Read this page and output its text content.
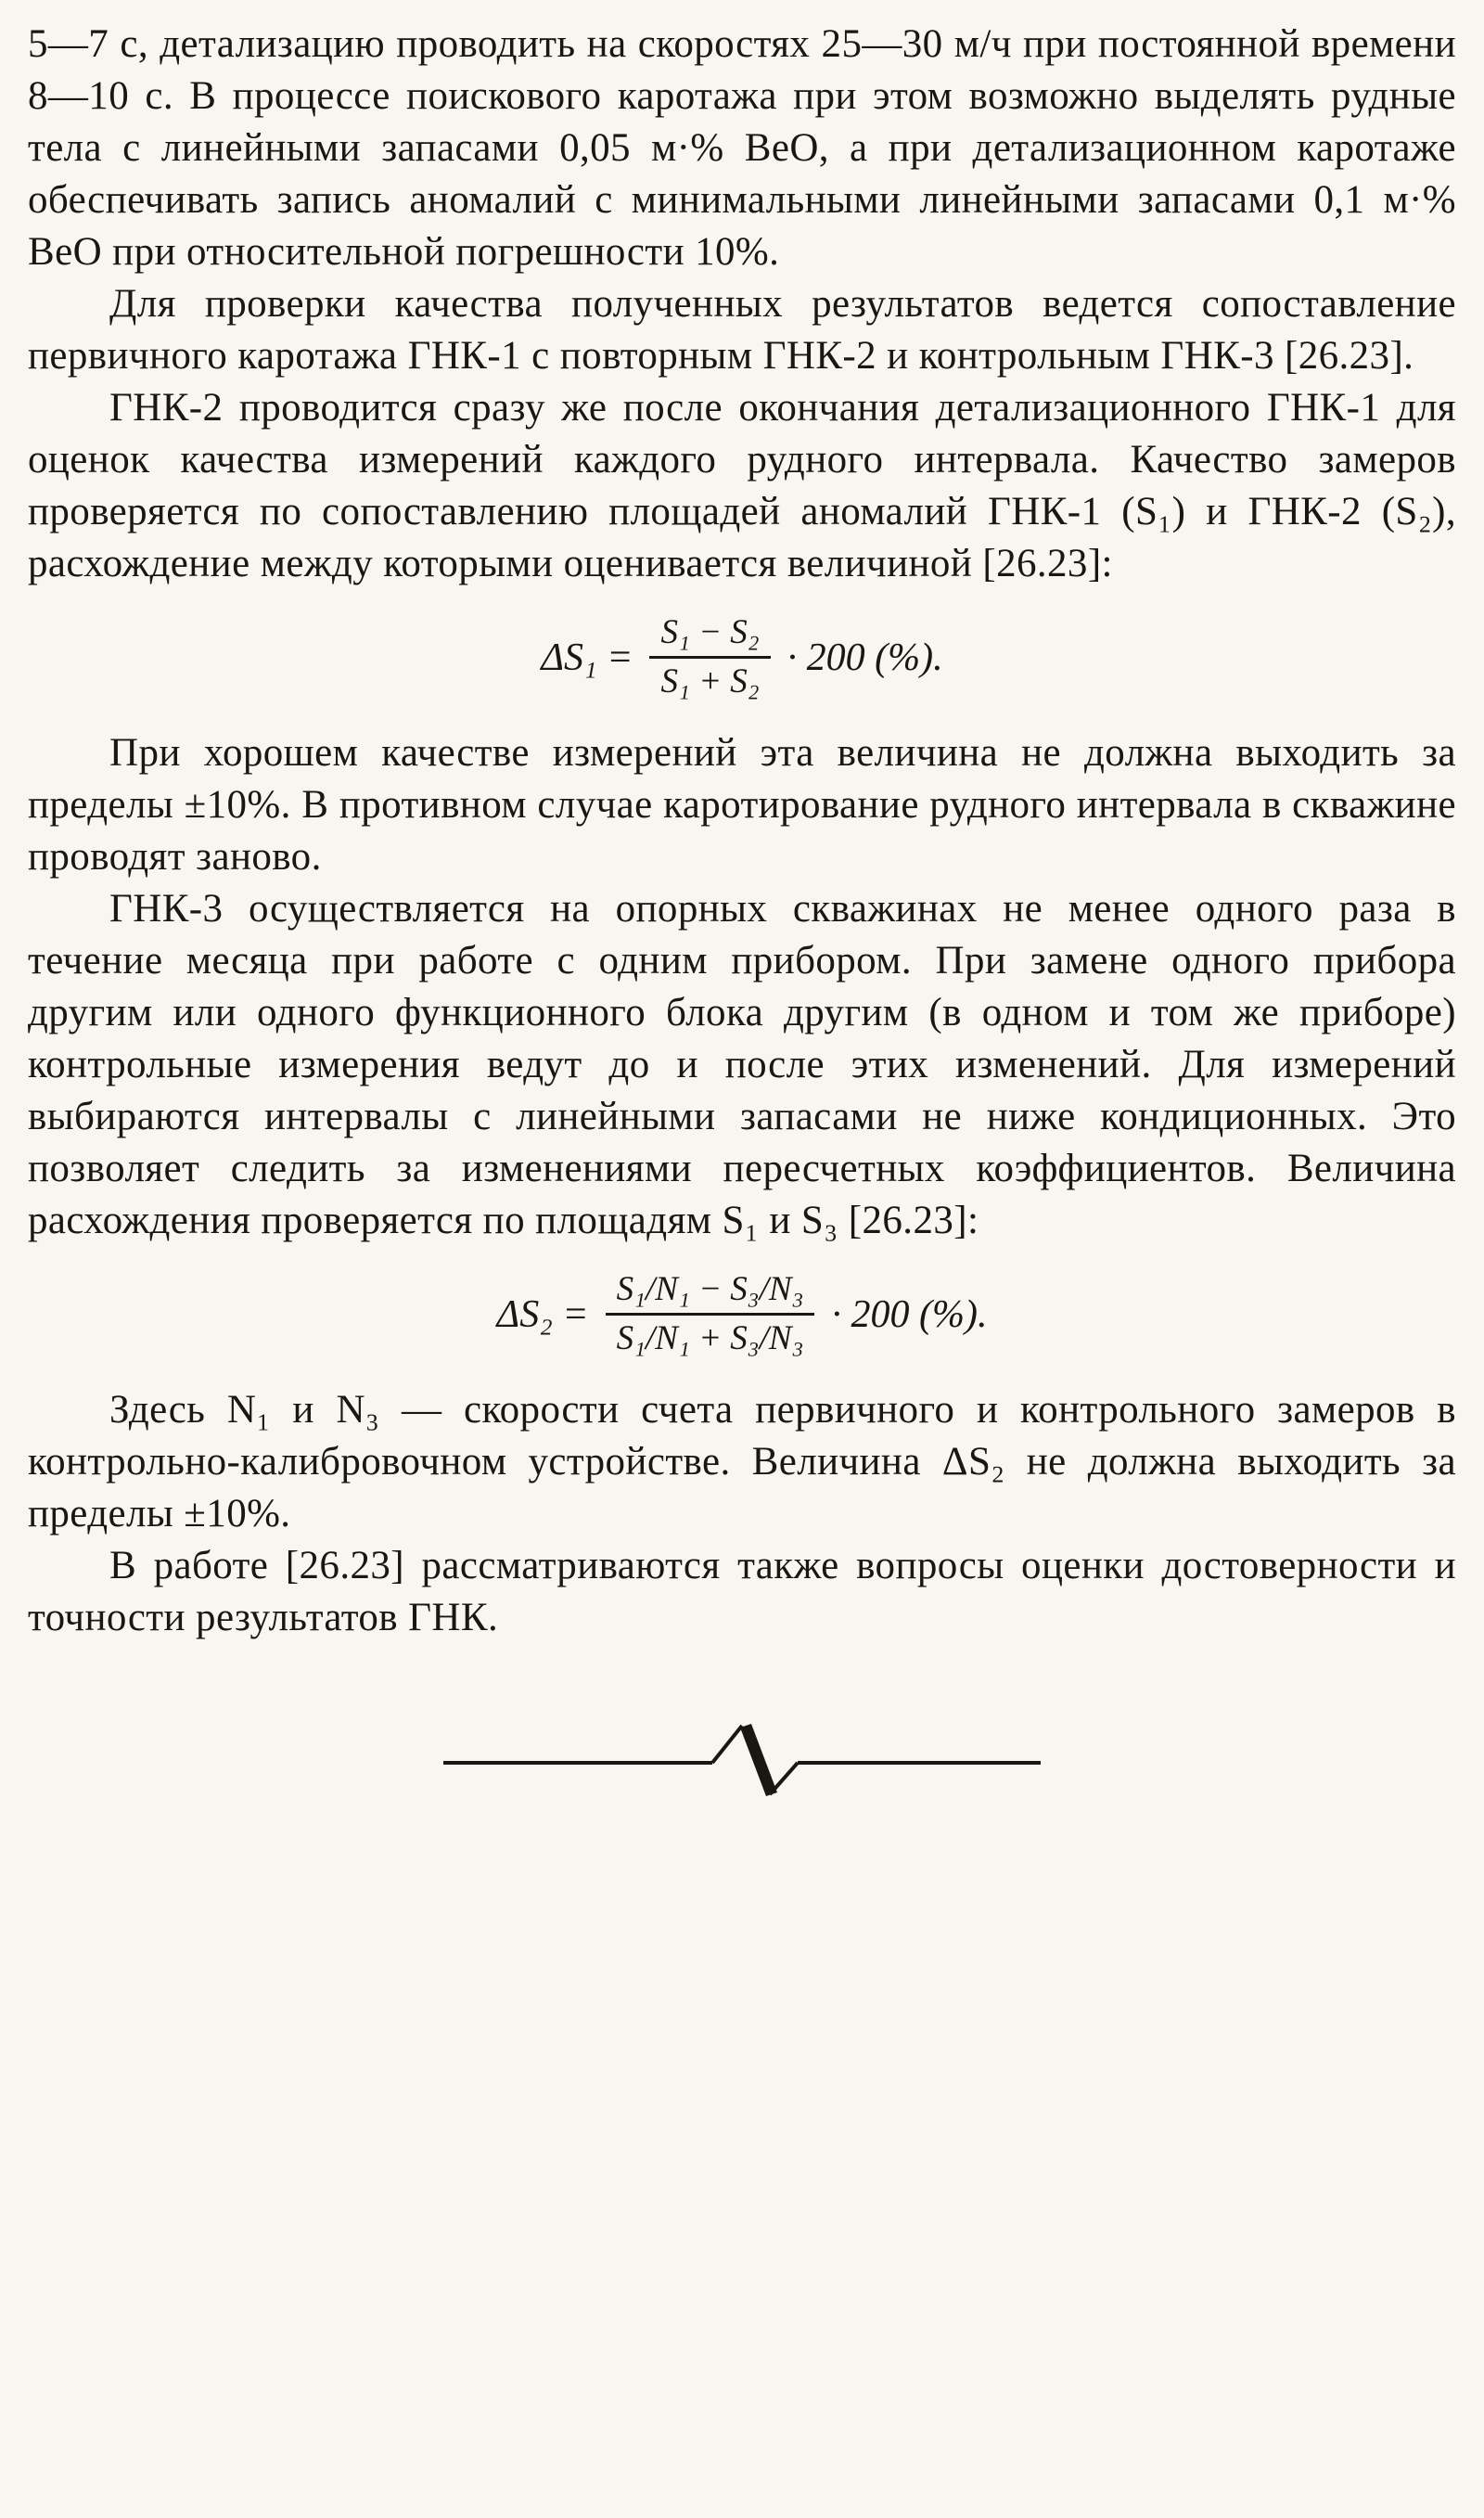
5—7 с, детализацию проводить на скоростях 25—30 м/ч при постоянной времени 8—10 с. В процессе поискового каротажа при этом возможно выделять рудные тела с линейными запасами 0,05 м·% BeO, а при детализационном каротаже обеспечивать запись аномалий с минимальными линейными запасами 0,1 м·% BeO при относительной погрешности 10%.

Для проверки качества полученных результатов ведется сопоставление первичного каротажа ГНК-1 с повторным ГНК-2 и контрольным ГНК-3 [26.23].

ГНК-2 проводится сразу же после окончания детализационного ГНК-1 для оценок качества измерений каждого рудного интервала. Качество замеров проверяется по сопоставлению площадей аномалий ГНК-1 (S₁) и ГНК-2 (S₂), расхождение между которыми оценивается величиной [26.23]:

$\Delta S_1 = \frac{\text{S₁ − S₂}}{\text{S₁ + S₂}} \cdot 200$ (%).

При хорошем качестве измерений эта величина не должна выходить за пределы ±10%. В противном случае каротирование рудного интервала в скважине проводят заново.

ГНК-3 осуществляется на опорных скважинах не менее одного раза в течение месяца при работе с одним прибором. При замене одного прибора другим или одного функционного блока другим (в одном и том же приборе) контрольные измерения ведут до и после этих изменений. Для измерений выбираются интервалы с линейными запасами не ниже кондиционных. Это позволяет следить за изменениями пересчетных коэффициентов. Величина расхождения проверяется по площадям S₁ и S₃ [26.23]:

$\Delta S_2 = \frac{\text{S₁/N₁ − S₃/N₃}}{\text{S₁/N₁ + S₃/N₃}} \cdot 200$ (%).

Здесь N₁ и N₃ — скорости счета первичного и контрольного замеров в контрольно-калибровочном устройстве. Величина ΔS₂ не должна выходить за пределы ±10%.

В работе [26.23] рассматриваются также вопросы оценки достоверности и точности результатов ГНК.
